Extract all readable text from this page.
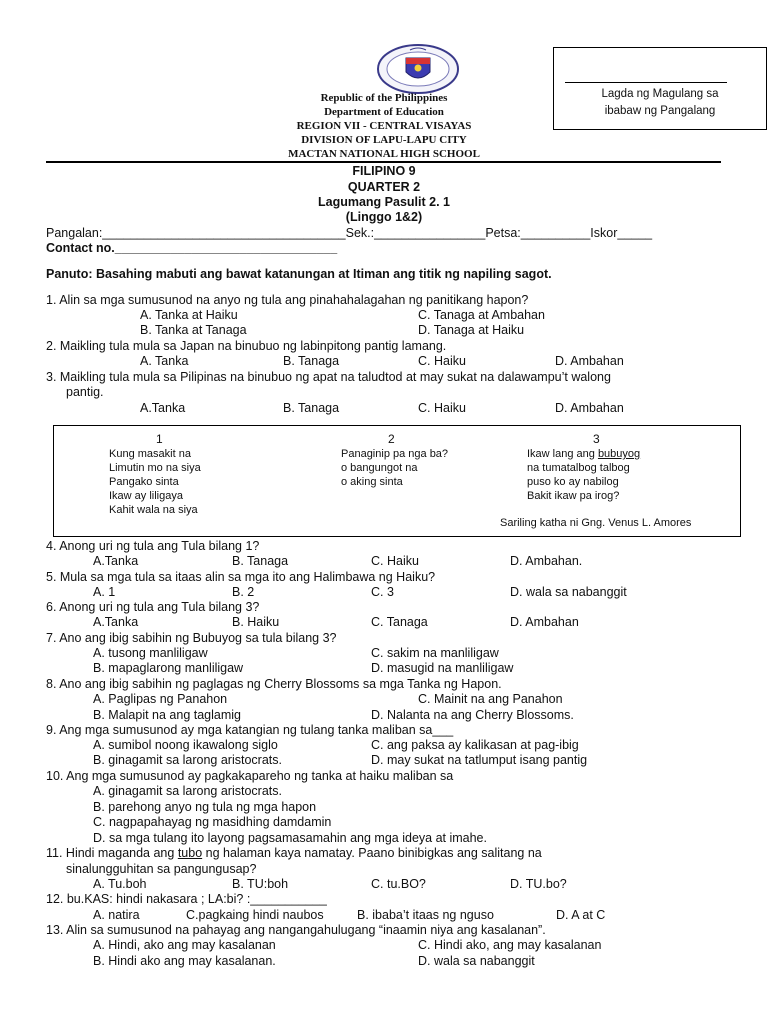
Lagda ng Magulang sa
ibabaw ng Pangalang
Republic of the Philippines
Department of Education
REGION VII - CENTRAL VISAYAS
DIVISION OF LAPU-LAPU CITY
MACTAN NATIONAL HIGH SCHOOL
FILIPINO 9
QUARTER 2
Lagumang Pasulit 2. 1
(Linggo 1&2)
Pangalan:___________________________________Sek.:________________Petsa:__________Iskor_____
Contact no.________________________________
Panuto: Basahing mabuti ang bawat katanungan at Itiman ang titik ng napiling sagot.
1. Alin sa mga sumusunod na anyo ng tula ang pinahahalagahan ng panitikang hapon?
A. Tanka at Haiku	C. Tanaga at Ambahan
B. Tanka at Tanaga	D. Tanaga at Haiku
2. Maikling tula mula sa Japan na binubuo ng labinpitong pantig lamang.
A. Tanka	B. Tanaga	C. Haiku	D. Ambahan
3. Maikling tula mula sa Pilipinas na binubuo ng apat na taludtod at may sukat na dalawampu’t walong
pantig.
A.Tanka	B. Tanaga	C. Haiku	D. Ambahan
1	2	3
Kung masakit na
Limutin mo na siya
Pangako sinta
Ikaw ay liligaya
Kahit wala na siya
Panaginip pa nga ba?
o bangungot na
o aking sinta
Ikaw lang ang bubuyog
na tumatalbog talbog
puso ko ay nabilog
Bakit ikaw pa irog?
Sariling katha ni Gng. Venus L. Amores
4. Anong uri ng tula ang Tula bilang 1?
A.Tanka	B. Tanaga	C. Haiku	D. Ambahan.
5. Mula sa mga tula sa itaas alin sa mga ito ang Halimbawa ng Haiku?
A. 1	B. 2	C. 3	D. wala sa nabanggit
6. Anong uri ng tula ang Tula bilang 3?
A.Tanka	B. Haiku	C. Tanaga	D. Ambahan
7. Ano ang ibig sabihin ng Bubuyog sa tula bilang 3?
A. tusong manliligaw	C. sakim na manliligaw
B. mapaglarong manliligaw	D. masugid na manliligaw
8. Ano ang ibig sabihin ng paglagas ng Cherry Blossoms sa mga Tanka ng Hapon.
A. Paglipas ng Panahon	C. Mainit na ang Panahon
B. Malapit na ang taglamig	D. Nalanta na ang Cherry Blossoms.
9. Ang mga sumusunod ay mga katangian ng tulang tanka maliban sa___
A. sumibol noong ikawalong siglo	C. ang paksa ay kalikasan at pag-ibig
B. ginagamit sa larong aristocrats.	D. may sukat na tatlumput isang pantig
10. Ang mga sumusunod ay pagkakapareho ng tanka at haiku maliban sa
A. ginagamit sa larong aristocrats.
B. parehong anyo ng tula ng mga hapon
C. nagpapahayag ng masidhing damdamin
D. sa mga tulang ito layong pagsamasamahin ang mga ideya at imahe.
11. Hindi maganda ang tubo ng halaman kaya namatay. Paano binibigkas ang salitang na
sinalungguhitan sa pangungusap?
A. Tu.boh	B. TU:boh	C. tu.BO?	D. TU.bo?
12. bu.KAS: hindi nakasara ; LA:bi? :___________
A. natira	C.pagkaing hindi naubos	B. ibaba’t itaas ng nguso	D. A at C
13. Alin sa sumusunod na pahayag ang nangangahulugang “inaamin niya ang kasalanan”.
A. Hindi, ako ang may kasalanan	C. Hindi ako, ang may kasalanan
B. Hindi ako ang may kasalanan.	D. wala sa nabanggit
